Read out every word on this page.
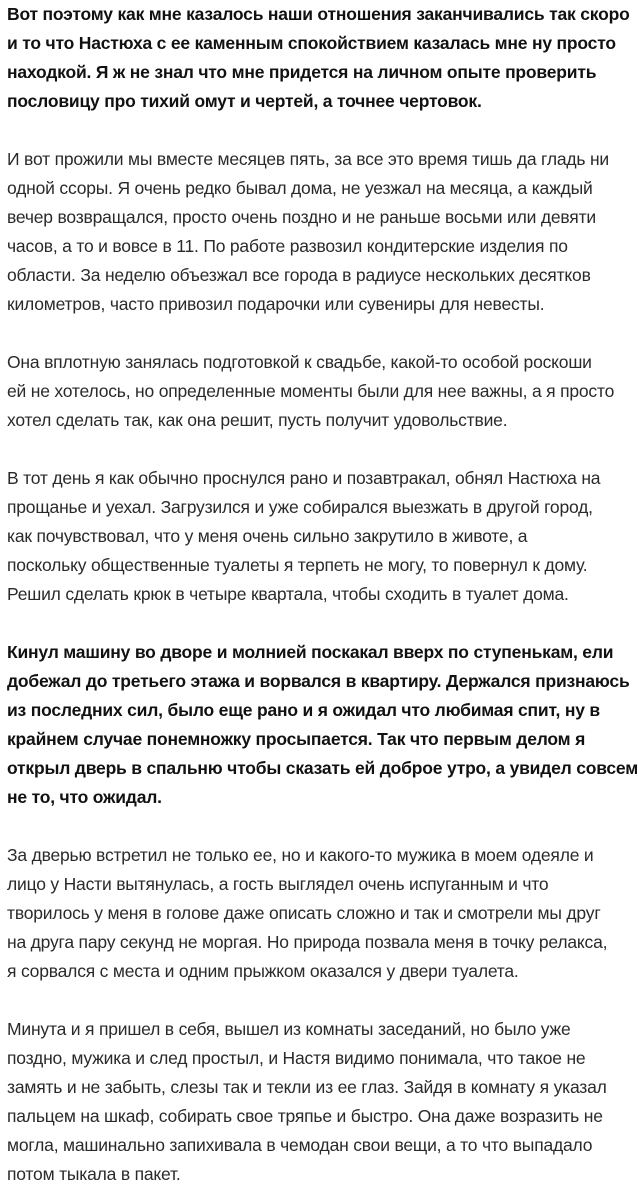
Вот поэтому как мне казалось наши отношения заканчивались так скоро
и то что Настюха с ее каменным спокойствием казалась мне ну просто
находкой. Я ж не знал что мне придется на личном опыте проверить
пословицу про тихий омут и чертей, а точнее чертовок.

И вот прожили мы вместе месяцев пять, за все это время тишь да гладь ни
одной ссоры. Я очень редко бывал дома, не уезжал на месяца, а каждый
вечер возвращался, просто очень поздно и не раньше восьми или девяти
часов, а то и вовсе в 11. По работе развозил кондитерские изделия по
области. За неделю объезжал все города в радиусе нескольких десятков
километров, часто привозил подарочки или сувениры для невесты.

Она вплотную занялась подготовкой к свадьбе, какой-то особой роскоши
ей не хотелось, но определенные моменты были для нее важны, а я просто
хотел сделать так, как она решит, пусть получит удовольствие.

В тот день я как обычно проснулся рано и позавтракал, обнял Настюха на
прощанье и уехал. Загрузился и уже собирался выезжать в другой город,
как почувствовал, что у меня очень сильно закрутило в животе, а
поскольку общественные туалеты я терпеть не могу, то повернул к дому.
Решил сделать крюк в четыре квартала, чтобы сходить в туалет дома.

Кинул машину во дворе и молнией поскакал вверх по ступенькам, ели
добежал до третьего этажа и ворвался в квартиру. Держался признаюсь
из последних сил, было еще рано и я ожидал что любимая спит, ну в
крайнем случае понемножку просыпается. Так что первым делом я
открыл дверь в спальню чтобы сказать ей доброе утро, а увидел совсем
не то, что ожидал.

За дверью встретил не только ее, но и какого-то мужика в моем одеяле и
лицо у Насти вытянулась, а гость выглядел очень испуганным и что
творилось у меня в голове даже описать сложно и так и смотрели мы друг
на друга пару секунд не моргая. Но природа позвала меня в точку релакса,
я сорвался с места и одним прыжком оказался у двери туалета.

Минута и я пришел в себя, вышел из комнаты заседаний, но было уже
поздно, мужика и след простыл, и Настя видимо понимала, что такое не
замять и не забыть, слезы так и текли из ее глаз. Зайдя в комнату я указал
пальцем на шкаф, собирать свое тряпье и быстро. Она даже возразить не
могла, машинально запихивала в чемодан свои вещи, а то что выпадало
потом тыкала в пакет.
